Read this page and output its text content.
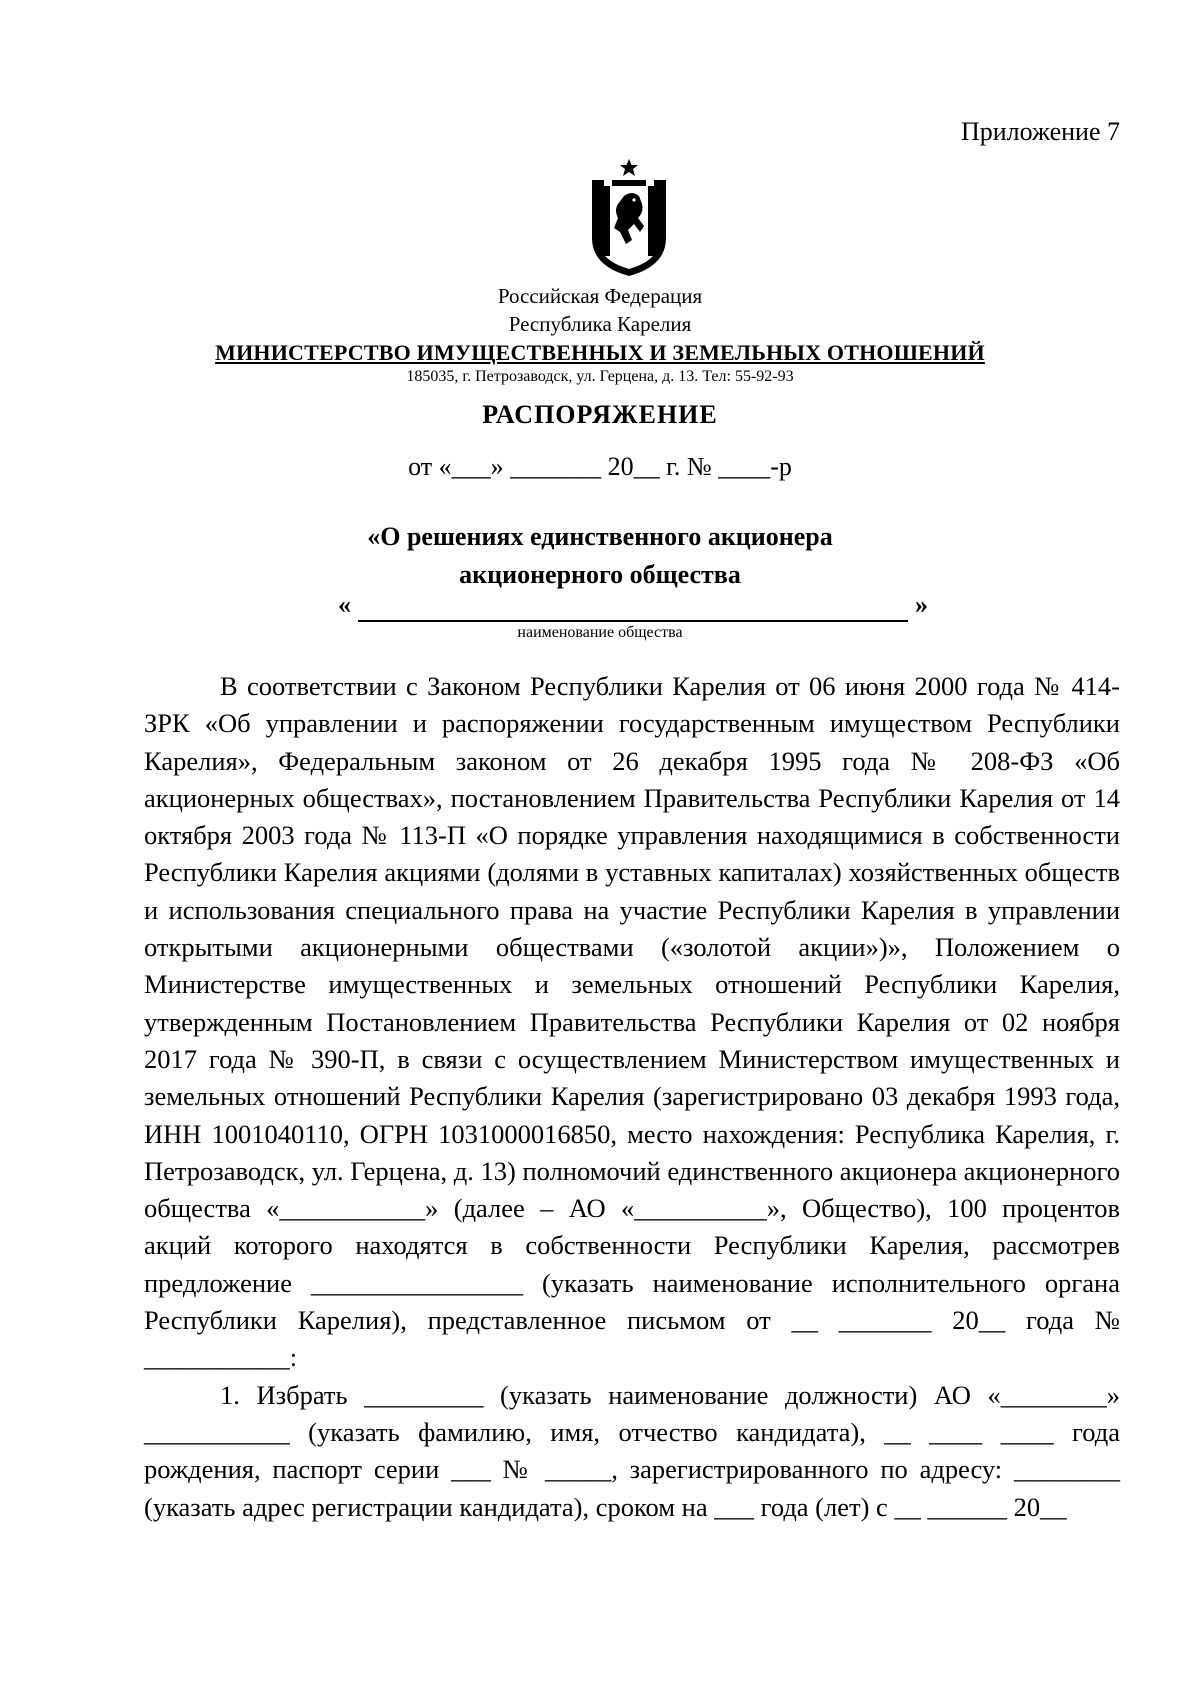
Приложение 7
Российская Федерация
Республика Карелия
МИНИСТЕРСТВО ИМУЩЕСТВЕННЫХ И ЗЕМЕЛЬНЫХ ОТНОШЕНИЙ
185035, г. Петрозаводск, ул. Герцена, д. 13. Тел: 55-92-93
РАСПОРЯЖЕНИЕ
от «___» _______ 20__ г. № ____-р
«О решениях единственного акционера
акционерного общества
«	»
наименование общества

В соответствии с Законом Республики Карелия от 06 июня 2000 года № 414-ЗРК «Об управлении и распоряжении государственным имуществом Республики Карелия», Федеральным законом от 26 декабря 1995 года № 208-ФЗ «Об акционерных обществах», постановлением Правительства Республики Карелия от 14 октября 2003 года № 113-П «О порядке управления находящимися в собственности Республики Карелия акциями (долями в уставных капиталах) хозяйственных обществ и использования специального права на участие Республики Карелия в управлении открытыми акционерными обществами («золотой акции»)», Положением о Министерстве имущественных и земельных отношений Республики Карелия, утвержденным Постановлением Правительства Республики Карелия от 02 ноября 2017 года № 390-П, в связи с осуществлением Министерством имущественных и земельных отношений Республики Карелия (зарегистрировано 03 декабря 1993 года, ИНН 1001040110, ОГРН 1031000016850, место нахождения: Республика Карелия, г. Петрозаводск, ул. Герцена, д. 13) полномочий единственного акционера акционерного общества «___________» (далее – АО «__________», Общество), 100 процентов акций которого находятся в собственности Республики Карелия, рассмотрев предложение ________________ (указать наименование исполнительного органа Республики Карелия), представленное письмом от __ _______ 20__ года № ___________:

1. Избрать _________ (указать наименование должности) АО «________» ___________ (указать фамилию, имя, отчество кандидата), __ ____ ____ года рождения, паспорт серии ___ № _____, зарегистрированного по адресу: ________ (указать адрес регистрации кандидата), сроком на ___ года (лет) с __ ______ 20__
